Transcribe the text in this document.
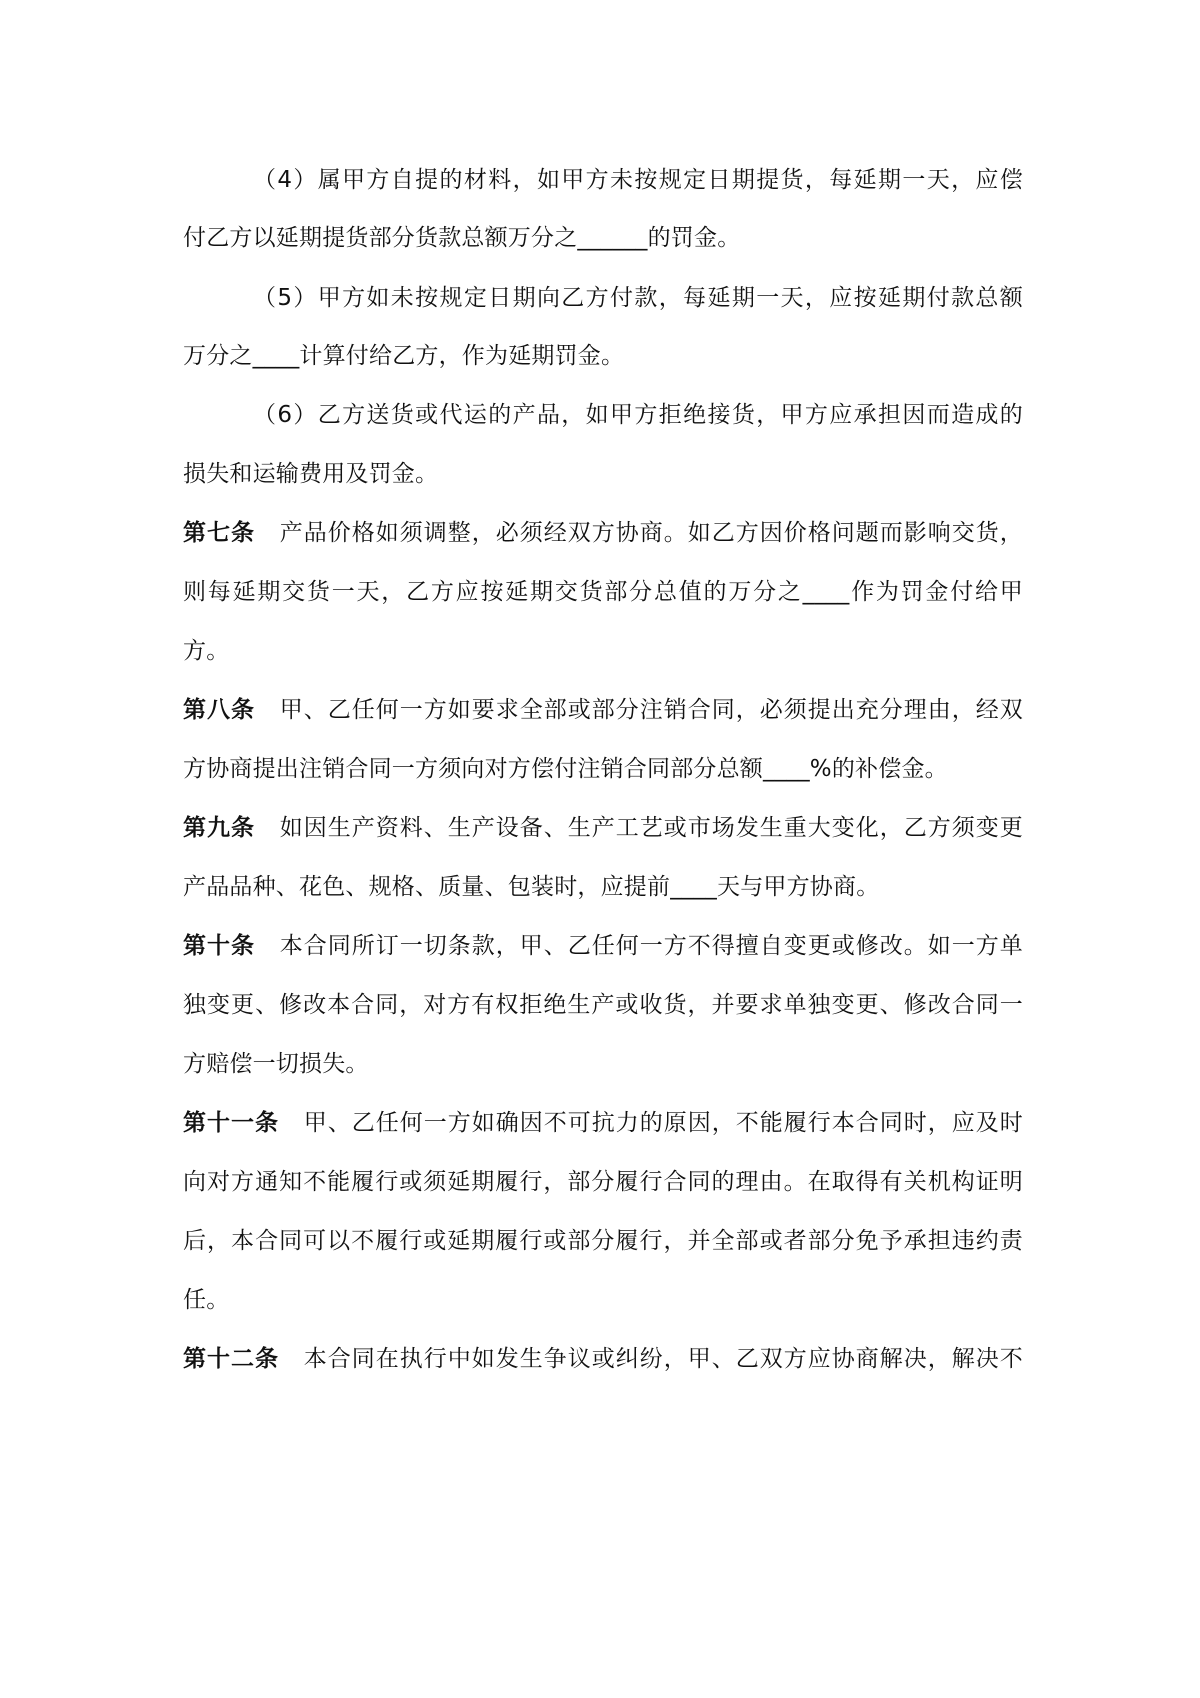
（4）属甲方自提的材料，如甲方未按规定日期提货，每延期一天，应偿
付乙方以延期提货部分货款总额万分之______的罚金。
（5）甲方如未按规定日期向乙方付款，每延期一天，应按延期付款总额
万分之____计算付给乙方，作为延期罚金。
（6）乙方送货或代运的产品，如甲方拒绝接货，甲方应承担因而造成的
损失和运输费用及罚金。
第七条 产品价格如须调整，必须经双方协商。如乙方因价格问题而影响交货，
则每延期交货一天，乙方应按延期交货部分总值的万分之____作为罚金付给甲
方。
第八条 甲、乙任何一方如要求全部或部分注销合同，必须提出充分理由，经双
方协商提出注销合同一方须向对方偿付注销合同部分总额____%的补偿金。
第九条 如因生产资料、生产设备、生产工艺或市场发生重大变化，乙方须变更
产品品种、花色、规格、质量、包装时，应提前____天与甲方协商。
第十条 本合同所订一切条款，甲、乙任何一方不得擅自变更或修改。如一方单
独变更、修改本合同，对方有权拒绝生产或收货，并要求单独变更、修改合同一
方赔偿一切损失。
第十一条 甲、乙任何一方如确因不可抗力的原因，不能履行本合同时，应及时
向对方通知不能履行或须延期履行，部分履行合同的理由。在取得有关机构证明
后，本合同可以不履行或延期履行或部分履行，并全部或者部分免予承担违约责
任。
第十二条 本合同在执行中如发生争议或纠纷，甲、乙双方应协商解决，解决不
